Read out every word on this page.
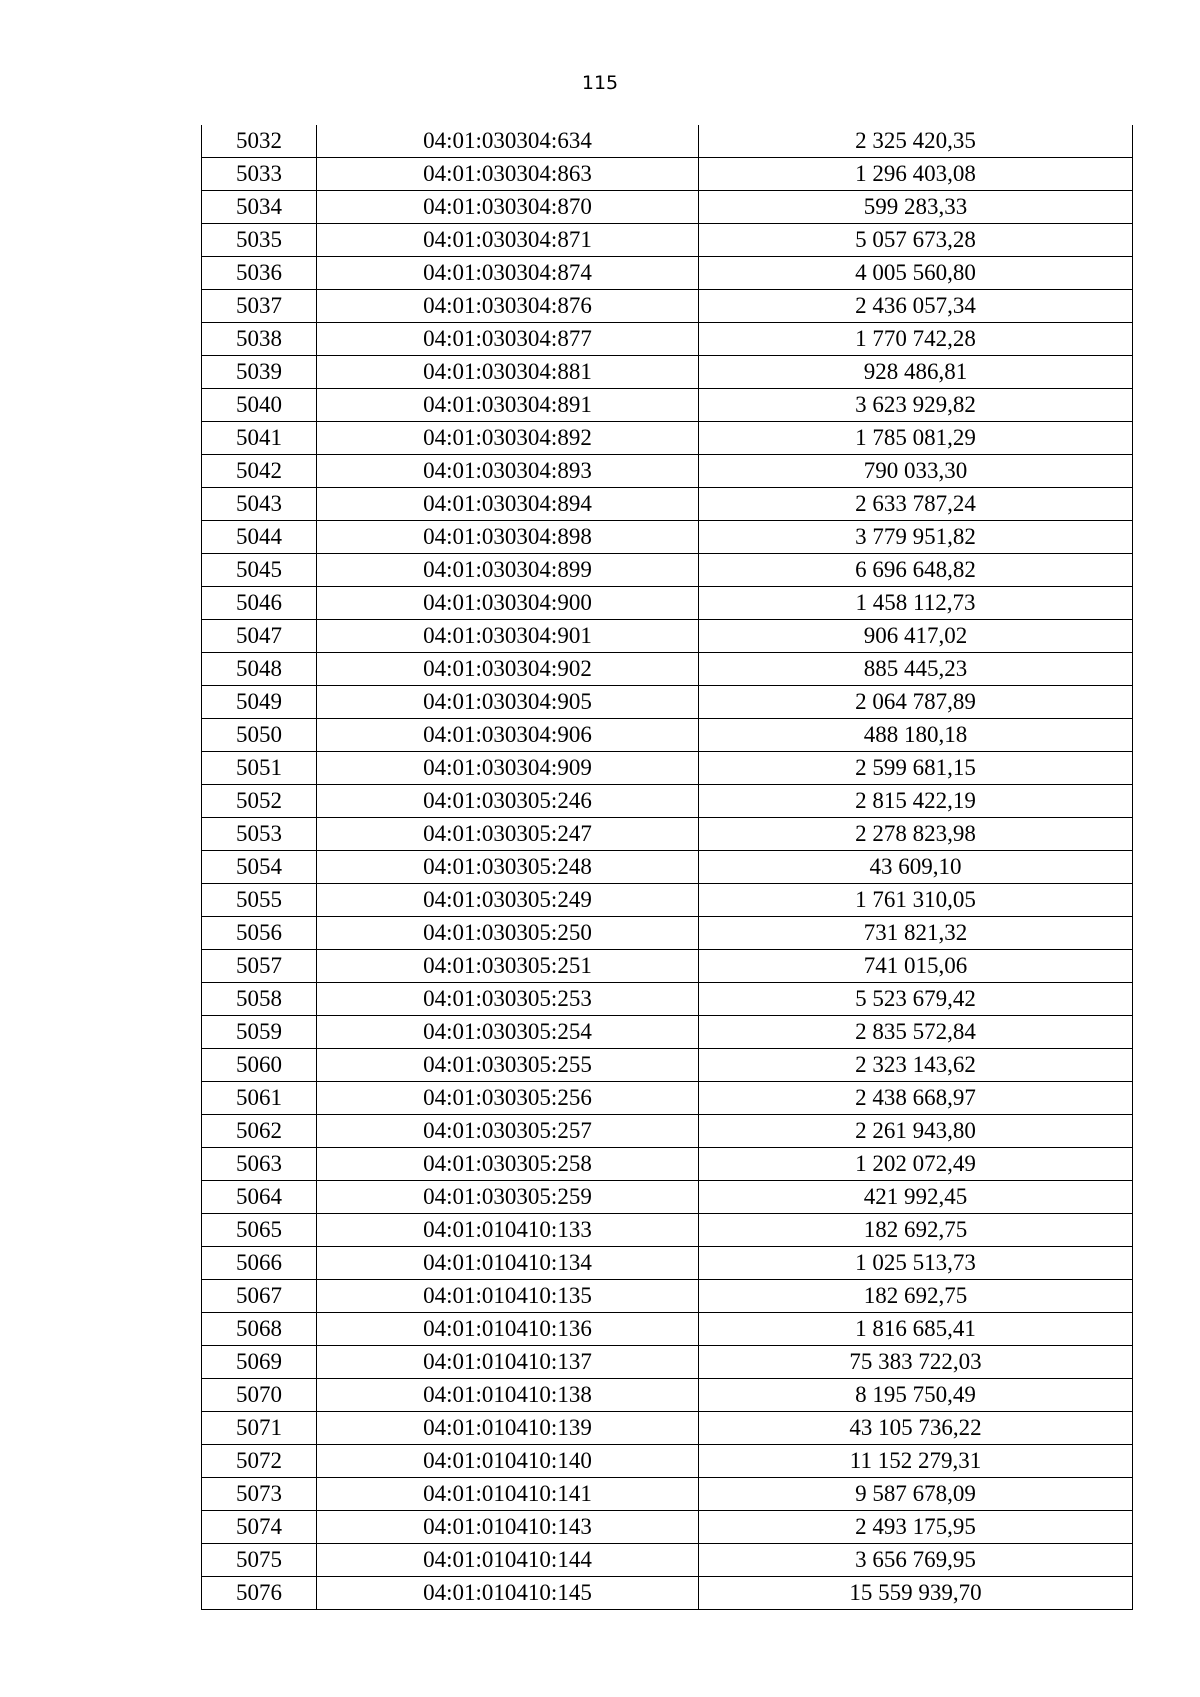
115
5032	04:01:030304:634	2 325 420,35
5033	04:01:030304:863	1 296 403,08
5034	04:01:030304:870	599 283,33
5035	04:01:030304:871	5 057 673,28
5036	04:01:030304:874	4 005 560,80
5037	04:01:030304:876	2 436 057,34
5038	04:01:030304:877	1 770 742,28
5039	04:01:030304:881	928 486,81
5040	04:01:030304:891	3 623 929,82
5041	04:01:030304:892	1 785 081,29
5042	04:01:030304:893	790 033,30
5043	04:01:030304:894	2 633 787,24
5044	04:01:030304:898	3 779 951,82
5045	04:01:030304:899	6 696 648,82
5046	04:01:030304:900	1 458 112,73
5047	04:01:030304:901	906 417,02
5048	04:01:030304:902	885 445,23
5049	04:01:030304:905	2 064 787,89
5050	04:01:030304:906	488 180,18
5051	04:01:030304:909	2 599 681,15
5052	04:01:030305:246	2 815 422,19
5053	04:01:030305:247	2 278 823,98
5054	04:01:030305:248	43 609,10
5055	04:01:030305:249	1 761 310,05
5056	04:01:030305:250	731 821,32
5057	04:01:030305:251	741 015,06
5058	04:01:030305:253	5 523 679,42
5059	04:01:030305:254	2 835 572,84
5060	04:01:030305:255	2 323 143,62
5061	04:01:030305:256	2 438 668,97
5062	04:01:030305:257	2 261 943,80
5063	04:01:030305:258	1 202 072,49
5064	04:01:030305:259	421 992,45
5065	04:01:010410:133	182 692,75
5066	04:01:010410:134	1 025 513,73
5067	04:01:010410:135	182 692,75
5068	04:01:010410:136	1 816 685,41
5069	04:01:010410:137	75 383 722,03
5070	04:01:010410:138	8 195 750,49
5071	04:01:010410:139	43 105 736,22
5072	04:01:010410:140	11 152 279,31
5073	04:01:010410:141	9 587 678,09
5074	04:01:010410:143	2 493 175,95
5075	04:01:010410:144	3 656 769,95
5076	04:01:010410:145	15 559 939,70
